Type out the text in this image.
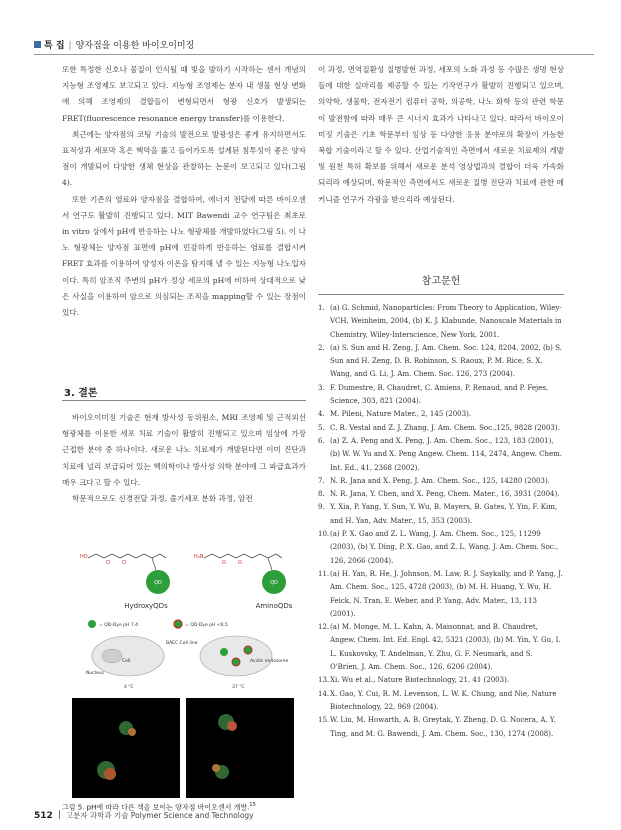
특 집 | 양자점을 이용한 바이오이미징

또한 특정한 신호나 물질이 인식될 때 빛을 발하기 시작하는 센서 개념의 지능형 조영제도 보고되고 있다. 지능형 조영제는 분자 내 생물 현상 변화에 의해 조영제의 결합들이 변형되면서 형광 신호가 발생되는 FRET(fluorescence resonance energy transfer)를 이용한다.

최근에는 양자점의 코팅 기술의 발전으로 발광성은 좋게 유지하면서도 표적성과 세포막 혹은 핵막을 뚫고 들어가도록 설계된 침투성이 좋은 양자점이 개발되어 다양한 생체 현상을 관찰하는 논문이 보고되고 있다(그림 4).

또한 기존의 염료와 양자점을 결합하여, 에너지 전달에 따른 바이오센서 연구도 활발히 진행되고 있다. MIT Bawendi 교수 연구팀은 최초로 in vitro 상에서 pH에 반응하는 나노 형광체를 개발하였다(그림 5). 이 나노 형광체는 양자점 표면에 pH에 민감하게 반응하는 염료를 결합시켜 FRET 효과를 이용하여 양성자 이온을 탐지해 낼 수 있는 지능형 나노입자이다. 특히 암조직 주변의 pH가 정상 세포의 pH에 비하여 상대적으로 낮은 사실을 이용하여 암으로 의심되는 조직을 mapping할 수 있는 장점이 있다.

3. 결론

바이오이미징 기술은 현재 방사성 동위원소, MRI 조영제 및 근적외선 형광체를 이용한 세포 치료 기술이 활발히 진행되고 있으며 임상에 가장 근접한 분야 중 하나이다. 새로운 나노 치료제가 개발된다면 이미 진단과 치료에 널리 보급되어 있는 핵의학이나 방사성 의학 분야에 그 파급효과가 매우 크다고 할 수 있다.

학문적으로도 신경전달 과정, 줄기세포 분화 과정, 암전

HO
O O
H₂N
O O
QD	QD
HydroxyQDs	AminoQDs
= QD-Dye pH 7.4	= QD-Dye pH <6.5
Cell
Nucleus
4 °C
BAEC Cell line
Acidic endosome
37 °C
그림 5. pH에 따라 다른 색을 보이는 양자점 바이오센서 개발.$^{15}$

이 과정, 면역질환성 질병발현 과정, 세포의 노화 과정 등 수많은 생명 현상들에 대한 실마리를 제공할 수 있는 기작연구가 활발히 진행되고 있으며, 의약학, 생물학, 전자전기 컴퓨터 공학, 의공학, 나노 화학 등의 관련 학문이 발전함에 따라 매우 큰 시너지 효과가 나타나고 있다. 따라서 바이오이미징 기술은 기초 학문부터 임상 등 다양한 응용 분야로의 확장이 가능한 복합 기술이라고 할 수 있다. 산업기술적인 측면에서 새로운 치료제의 개발 및 원천 특허 확보를 위해서 새로운 분석 영상법과의 결합이 더욱 가속화 되리라 예상되며, 학문적인 측면에서도 새로운 질병 진단과 치료에 관한 메커니즘 연구가 각광을 받으리라 예상된다.

참고문헌
1. (a) G. Schmid, Nanoparticles: From Theory to Application, Wiley-VCH, Weinheim, 2004, (b) K. J. Klabunde, Nanoscale Materials in Chemistry, Wiley-Interscience, New York, 2001.
2. (a) S. Sun and H. Zeng, J. Am. Chem. Soc. 124, 8204. 2002, (b) S. Sun and H. Zeng, D. B. Robinson, S. Raoux, P. M. Rice, S. X. Wang, and G. Li, J. Am. Chem. Soc. 126, 273 (2004).
3. F. Dumestre, B. Chaudret, C. Amiens, P. Renaud, and P. Fejes, Science, 303, 821 (2004).
4. M. Pileni, Nature Mater., 2, 145 (2003).
5. C. R. Vestal and Z. J. Zhang, J. Am. Chem. Soc.,125, 9828 (2003).
6. (a) Z. A. Peng and X. Peng, J. Am. Chem. Soc., 123, 183 (2001), (b) W. W. Yu and X. Peng Angew. Chem. 114, 2474, Angew. Chem. Int. Ed., 41, 2368 (2002).
7. N. R. Jana and X. Peng, J. Am. Chem. Soc., 125, 14280 (2003).
8. N. R. Jana, Y. Chen, and X. Peng, Chem. Mater., 16, 3931 (2004).
9. Y. Xia, P. Yang, Y. Sun, Y. Wu, B. Mayers, B. Gates, Y. Yin, F. Kim, and H. Yan, Adv. Mater., 15, 353 (2003).
10. (a) P. X. Gao and Z. L. Wang, J. Am. Chem. Soc., 125, 11299 (2003), (b) Y. Ding, P. X. Gao, and Z. L. Wang, J. Am. Chem. Soc., 126, 2066 (2004).
11. (a) H. Yan, R. He, J. Johnson, M. Law, R. J. Saykally, and P. Yang, J. Am. Chem. Soc., 125, 4728 (2003), (b) M. H. Huang, Y. Wu, H. Feick, N. Tran, E. Weber, and P. Yang, Adv. Mater., 13, 113 (2001).
12. (a) M. Monge, M. L. Kahn, A. Maisonnat, and B. Chaudret, Angew. Chem. Int. Ed. Engl. 42, 5321 (2003), (b) M. Yin, Y. Gu, I. L. Kuskovsky, T. Andelman, Y. Zhu, G. F. Neumark, and S. O'Brien, J. Am. Chem. Soc., 126, 6206 (2004).
13. Xi. Wu et al., Nature Biotechnology, 21, 41 (2003).
14. X. Gao, Y. Cui, R. M. Levenson, L. W. K. Chung, and Nie, Nature Biotechnology, 22, 969 (2004).
15. W. Liu, M. Howarth, A. B. Greytak, Y. Zheng, D. G. Nocera, A. Y. Ting, and M. G. Bawendi, J. Am. Chem. Soc., 130, 1274 (2008).
512 고분자 과학과 기술 Polymer Science and Technology
